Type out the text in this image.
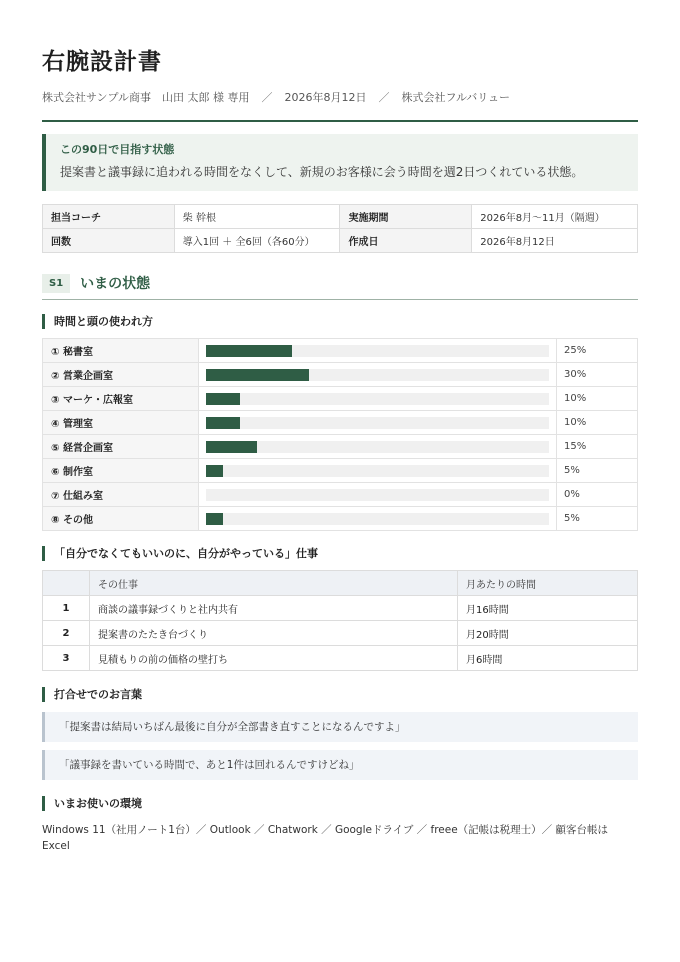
右腕設計書
株式会社サンプル商事　山田 太郎 様 専用 ／ 2026年8月12日 ／ 株式会社フルバリュー
この90日で目指す状態
提案書と議事録に追われる時間をなくして、新規のお客様に会う時間を週2日つくれている状態。
担当コーチ	柴 幹根	実施期間	2026年8月～11月（隔週）
回数	導入1回 ＋ 全6回（各60分）	作成日	2026年8月12日
S1	いまの状態
時間と頭の使われ方
① 秘書室		25%
② 営業企画室		30%
③ マーケ・広報室		10%
④ 管理室		10%
⑤ 経営企画室		15%
⑥ 制作室		5%
⑦ 仕組み室		0%
⑧ その他		5%
「自分でなくてもいいのに、自分がやっている」仕事
	その仕事	月あたりの時間
1	商談の議事録づくりと社内共有	月16時間
2	提案書のたたき台づくり	月20時間
3	見積もりの前の価格の壁打ち	月6時間
打合せでのお言葉
「提案書は結局いちばん最後に自分が全部書き直すことになるんですよ」
「議事録を書いている時間で、あと1件は回れるんですけどね」
いまお使いの環境
Windows 11（社用ノート1台）／ Outlook ／ Chatwork ／ Googleドライブ ／ freee（記帳は税理士）／ 顧客台帳は Excel
